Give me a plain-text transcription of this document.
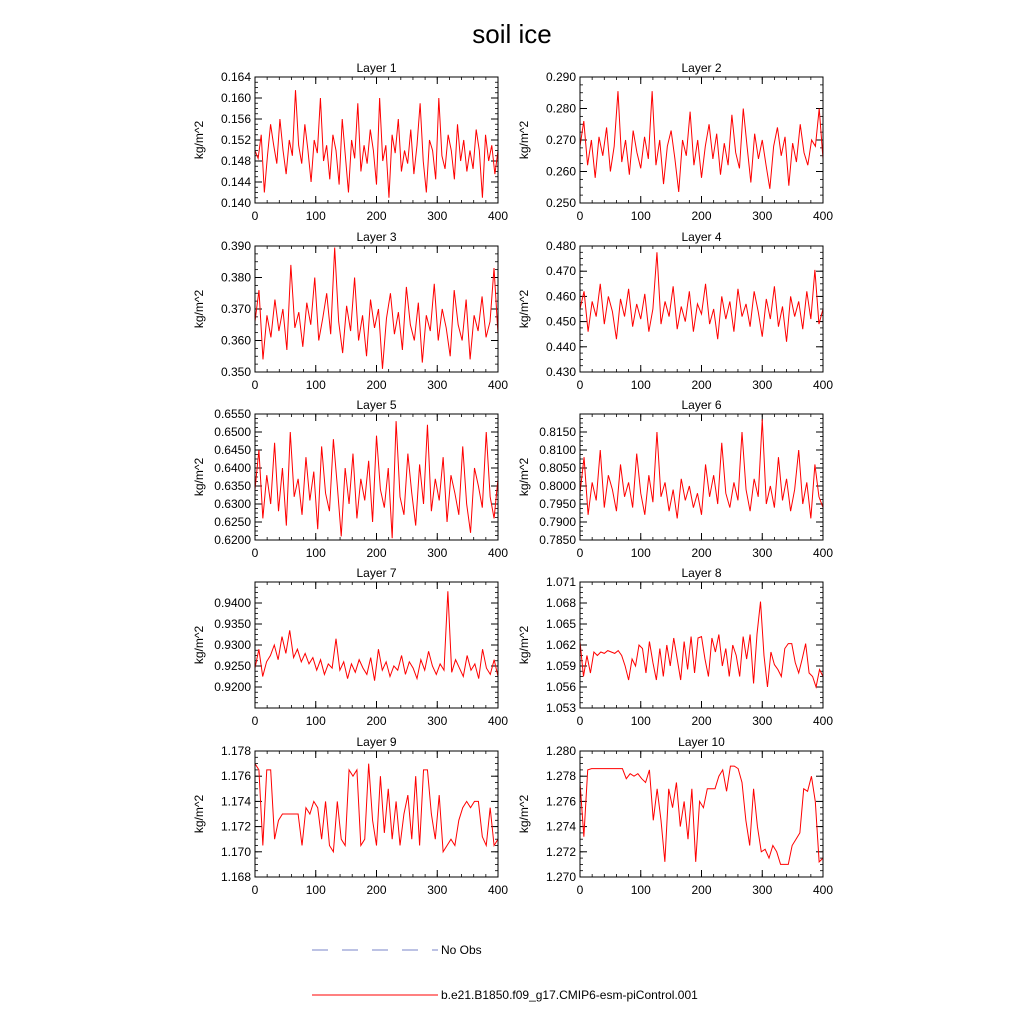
soil ice
Layer 1
kg/m^2
0	100	200	300	400
0.140
0.144
0.148
0.152
0.156
0.160
0.164
Layer 2
kg/m^2
0	100	200	300	400
0.250
0.260
0.270
0.280
0.290
Layer 3
kg/m^2
0	100	200	300	400
0.350
0.360
0.370
0.380
0.390
Layer 4
kg/m^2
0	100	200	300	400
0.430
0.440
0.450
0.460
0.470
0.480
Layer 5
kg/m^2
0	100	200	300	400
0.6200
0.6250
0.6300
0.6350
0.6400
0.6450
0.6500
0.6550
Layer 6
kg/m^2
0	100	200	300	400
0.7850
0.7900
0.7950
0.8000
0.8050
0.8100
0.8150
Layer 7
kg/m^2
0	100	200	300	400
0.9200
0.9250
0.9300
0.9350
0.9400
Layer 8
kg/m^2
0	100	200	300	400
1.053
1.056
1.059
1.062
1.065
1.068
1.071
Layer 9
kg/m^2
0	100	200	300	400
1.168
1.170
1.172
1.174
1.176
1.178
Layer 10
kg/m^2
0	100	200	300	400
1.270
1.272
1.274
1.276
1.278
1.280
No Obs
b.e21.B1850.f09_g17.CMIP6-esm-piControl.001
